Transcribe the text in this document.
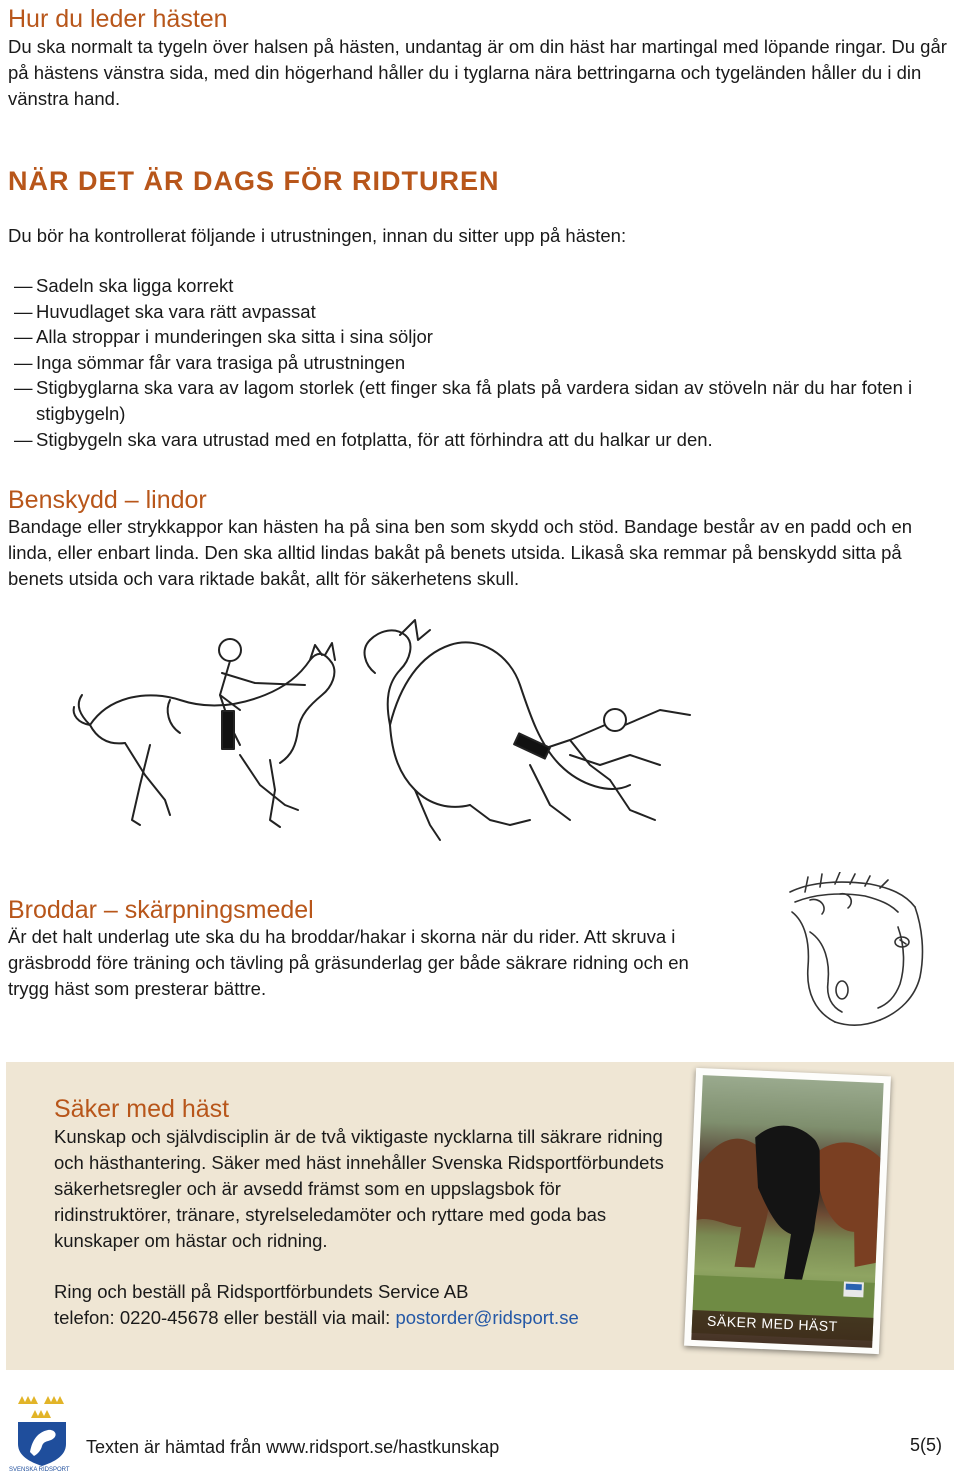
Hur du leder hästen

Du ska normalt ta tygeln över halsen på hästen, undantag är om din häst har martingal med löpande ringar. Du går på hästens vänstra sida, med din högerhand håller du i tyglarna nära bettringarna och tygeländen håller du i din vänstra hand.

NÄR DET ÄR DAGS FÖR RIDTUREN

Du bör ha kontrollerat följande i utrustningen, innan du sitter upp på hästen:

— Sadeln ska ligga korrekt
— Huvudlaget ska vara rätt avpassat
— Alla stroppar i munderingen ska sitta i sina söljor
— Inga sömmar får vara trasiga på utrustningen
— Stigbyglarna ska vara av lagom storlek (ett finger ska få plats på vardera sidan av stöveln när du har foten i stigbygeln)
— Stigbygeln ska vara utrustad med en fotplatta, för att förhindra att du halkar ur den.
Benskydd – lindor

Bandage eller strykkappor kan hästen ha på sina ben som skydd och stöd. Bandage består av en padd och en linda, eller enbart linda. Den ska alltid lindas bakåt på benets utsida. Likaså ska remmar på benskydd sitta på benets utsida och vara riktade bakåt, allt för säkerhetens skull.

Broddar – skärpningsmedel

Är det halt underlag ute ska du ha broddar/hakar i skorna när du rider. Att skruva i gräsbrodd före träning och tävling på gräsunderlag ger både säkrare ridning och en trygg häst som presterar bättre.

Säker med häst

Kunskap och självdisciplin är de två viktigaste nycklarna till säkrare ridning och hästhantering. Säker med häst innehåller Svenska Ridsportförbundets säkerhetsregler och är avsedd främst som en uppslagsbok för ridinstruktörer, tränare, styrelseledamöter och ryttare med goda bas kunskaper om hästar och ridning.

Ring och beställ på Ridsportförbundets Service AB

telefon: 0220-45678 eller beställ via mail: postorder@ridsport.se	SÄKER MED HÄST
SVENSKA RIDSPORT
Texten är hämtad från www.ridsport.se/hastkunskap	5(5)
